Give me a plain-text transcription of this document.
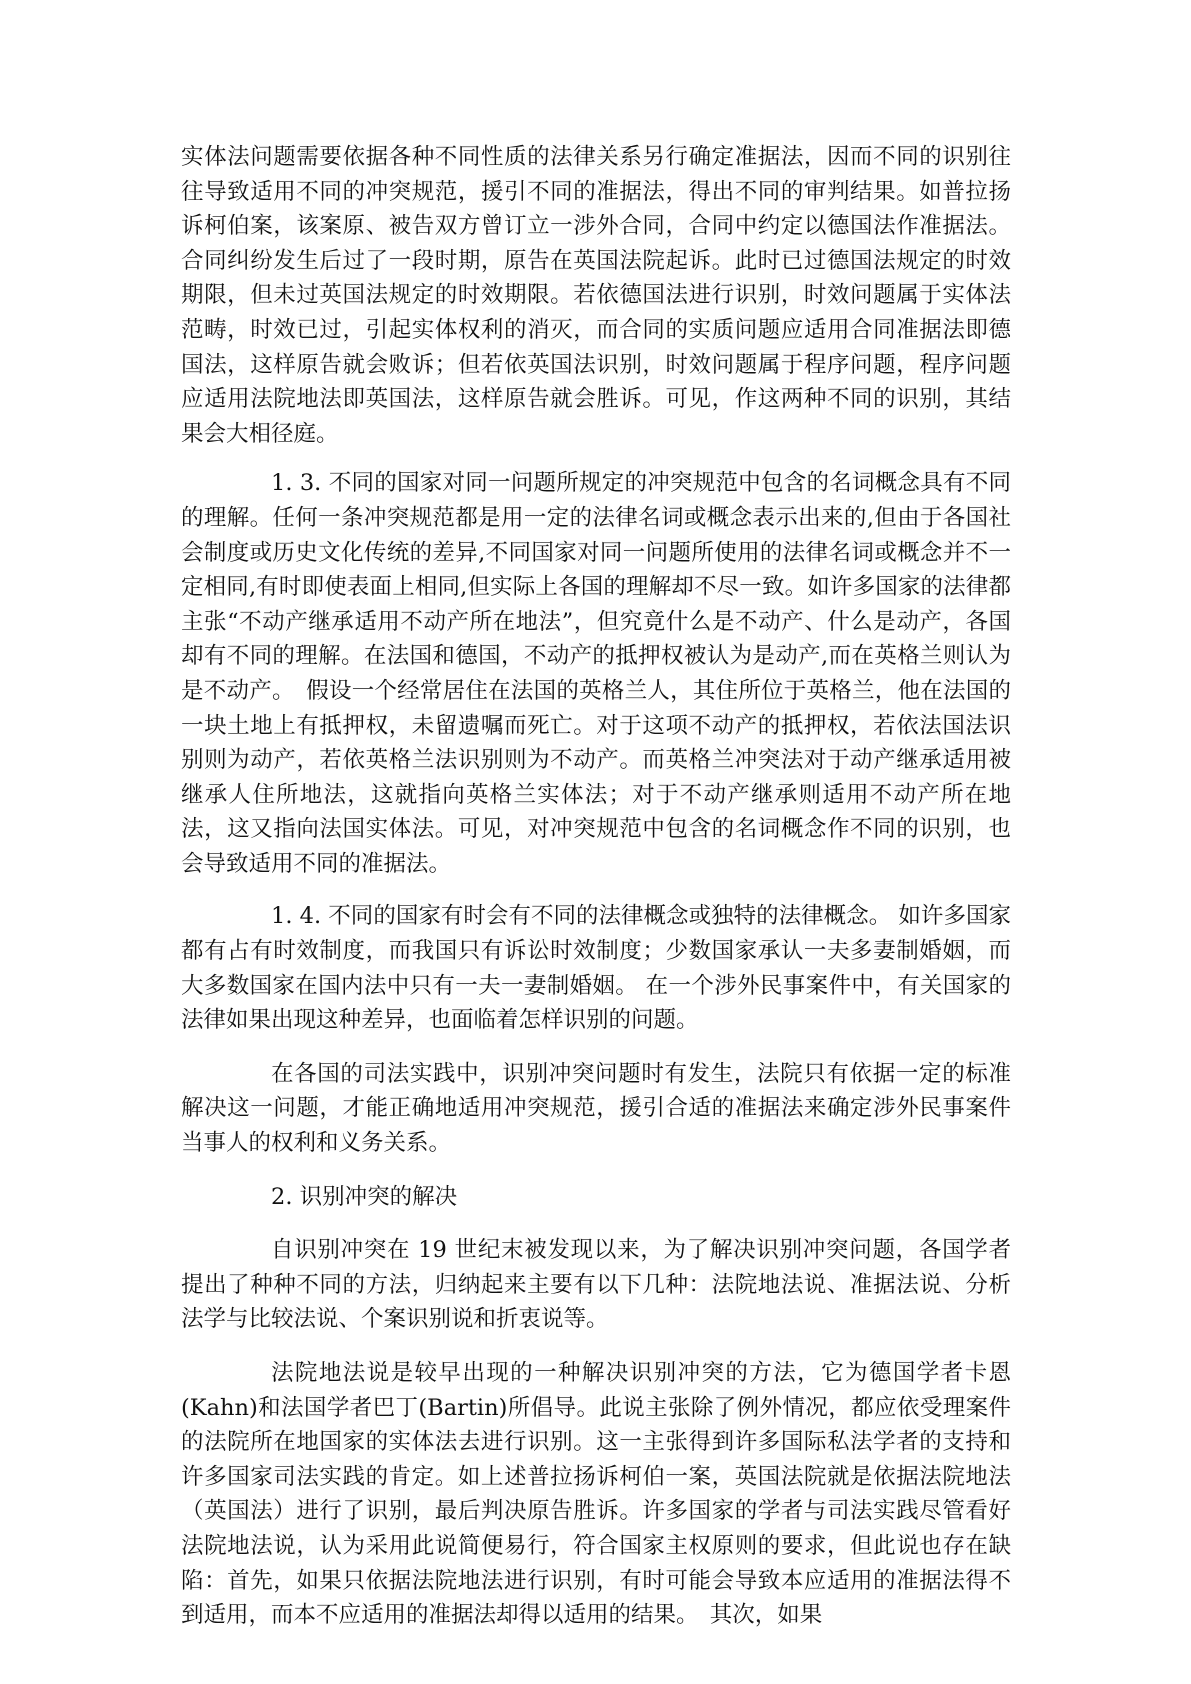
实体法问题需要依据各种不同性质的法律关系另行确定准据法，因而不同的识别往往导致适用不同的冲突规范，援引不同的准据法，得出不同的审判结果。如普拉扬诉柯伯案，该案原、被告双方曾订立一涉外合同，合同中约定以德国法作准据法。合同纠纷发生后过了一段时期，原告在英国法院起诉。此时已过德国法规定的时效期限，但未过英国法规定的时效期限。若依德国法进行识别，时效问题属于实体法范畴，时效已过，引起实体权利的消灭，而合同的实质问题应适用合同准据法即德国法，这样原告就会败诉；但若依英国法识别，时效问题属于程序问题，程序问题应适用法院地法即英国法，这样原告就会胜诉。可见，作这两种不同的识别，其结果会大相径庭。

1. 3. 不同的国家对同一问题所规定的冲突规范中包含的名词概念具有不同的理解。任何一条冲突规范都是用一定的法律名词或概念表示出来的,但由于各国社会制度或历史文化传统的差异,不同国家对同一问题所使用的法律名词或概念并不一定相同,有时即使表面上相同,但实际上各国的理解却不尽一致。如许多国家的法律都主张“不动产继承适用不动产所在地法”，但究竟什么是不动产、什么是动产，各国却有不同的理解。在法国和德国，不动产的抵押权被认为是动产,而在英格兰则认为是不动产。　假设一个经常居住在法国的英格兰人，其住所位于英格兰，他在法国的一块土地上有抵押权，未留遗嘱而死亡。对于这项不动产的抵押权，若依法国法识别则为动产，若依英格兰法识别则为不动产。而英格兰冲突法对于动产继承适用被继承人住所地法，这就指向英格兰实体法；对于不动产继承则适用不动产所在地法，这又指向法国实体法。可见，对冲突规范中包含的名词概念作不同的识别，也会导致适用不同的准据法。

1. 4. 不同的国家有时会有不同的法律概念或独特的法律概念。 如许多国家都有占有时效制度，而我国只有诉讼时效制度；少数国家承认一夫多妻制婚姻，而大多数国家在国内法中只有一夫一妻制婚姻。 在一个涉外民事案件中，有关国家的法律如果出现这种差异，也面临着怎样识别的问题。

在各国的司法实践中，识别冲突问题时有发生，法院只有依据一定的标准解决这一问题，才能正确地适用冲突规范，援引合适的准据法来确定涉外民事案件当事人的权利和义务关系。

2. 识别冲突的解决

自识别冲突在 19 世纪末被发现以来，为了解决识别冲突问题，各国学者提出了种种不同的方法，归纳起来主要有以下几种：法院地法说、准据法说、分析法学与比较法说、个案识别说和折衷说等。

法院地法说是较早出现的一种解决识别冲突的方法，它为德国学者卡恩(Kahn)和法国学者巴丁(Bartin)所倡导。此说主张除了例外情况，都应依受理案件的法院所在地国家的实体法去进行识别。这一主张得到许多国际私法学者的支持和许多国家司法实践的肯定。如上述普拉扬诉柯伯一案，英国法院就是依据法院地法（英国法）进行了识别，最后判决原告胜诉。许多国家的学者与司法实践尽管看好法院地法说，认为采用此说简便易行，符合国家主权原则的要求，但此说也存在缺陷：首先，如果只依据法院地法进行识别，有时可能会导致本应适用的准据法得不到适用，而本不应适用的准据法却得以适用的结果。　其次，如果
